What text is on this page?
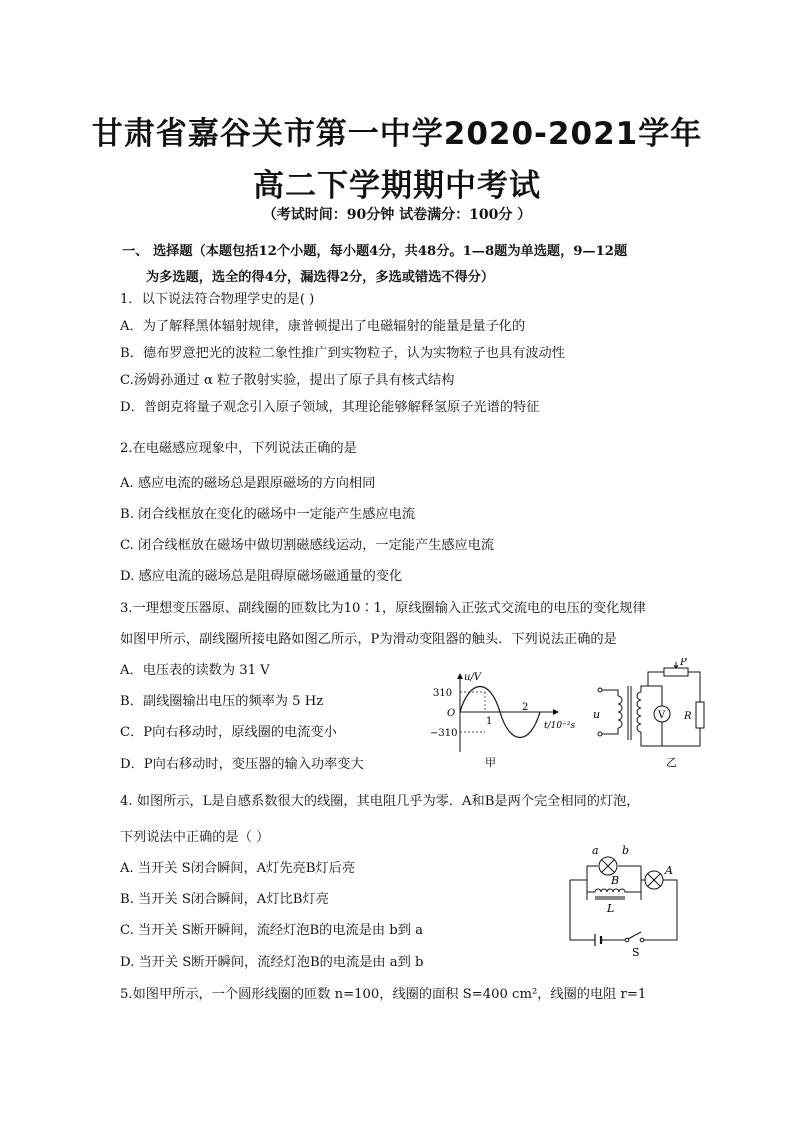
甘肃省嘉谷关市第一中学2020-2021学年
高二下学期期中考试
（考试时间：90分钟 试卷满分：100分 ）
一、 选择题（本题包括12个小题，每小题4分，共48分。1—8题为单选题，9—12题
为多选题，选全的得4分，漏选得2分，多选或错选不得分）
1．以下说法符合物理学史的是( )
A．为了解释黑体辐射规律，康普顿提出了电磁辐射的能量是量子化的
B．德布罗意把光的波粒二象性推广到实物粒子，认为实物粒子也具有波动性
C.汤姆孙通过 α 粒子散射实验，提出了原子具有核式结构
D．普朗克将量子观念引入原子领域，其理论能够解释氢原子光谱的特征
2.在电磁感应现象中，下列说法正确的是
A. 感应电流的磁场总是跟原磁场的方向相同
B. 闭合线框放在变化的磁场中一定能产生感应电流
C. 闭合线框放在磁场中做切割磁感线运动，一定能产生感应电流
D. 感应电流的磁场总是阻碍原磁场磁通量的变化
3.一理想变压器原、副线圈的匝数比为10∶1，原线圈输入正弦式交流电的电压的变化规律
如图甲所示，副线圈所接电路如图乙所示，P为滑动变阻器的触头．下列说法正确的是
A．电压表的读数为 31 V
B．副线圈输出电压的频率为 5 Hz
C．P向右移动时，原线圈的电流变小
D．P向右移动时，变压器的输入功率变大
u/V
310
O
−310
1
2
t/10⁻²s
甲
u
P
V R
乙
4. 如图所示，L是自感系数很大的线圈，其电阻几乎为零．A和B是两个完全相同的灯泡，
下列说法中正确的是（ ）
A. 当开关 S闭合瞬间，A灯先亮B灯后亮
B. 当开关 S闭合瞬间，A灯比B灯亮
C. 当开关 S断开瞬间，流经灯泡B的电流是由 b到 a
D. 当开关 S断开瞬间，流经灯泡B的电流是由 a到 b
a b
B
L
A
S
5.如图甲所示，一个圆形线圈的匝数 n=100，线圈的面积 S=400 cm²，线圈的电阻 r=1
